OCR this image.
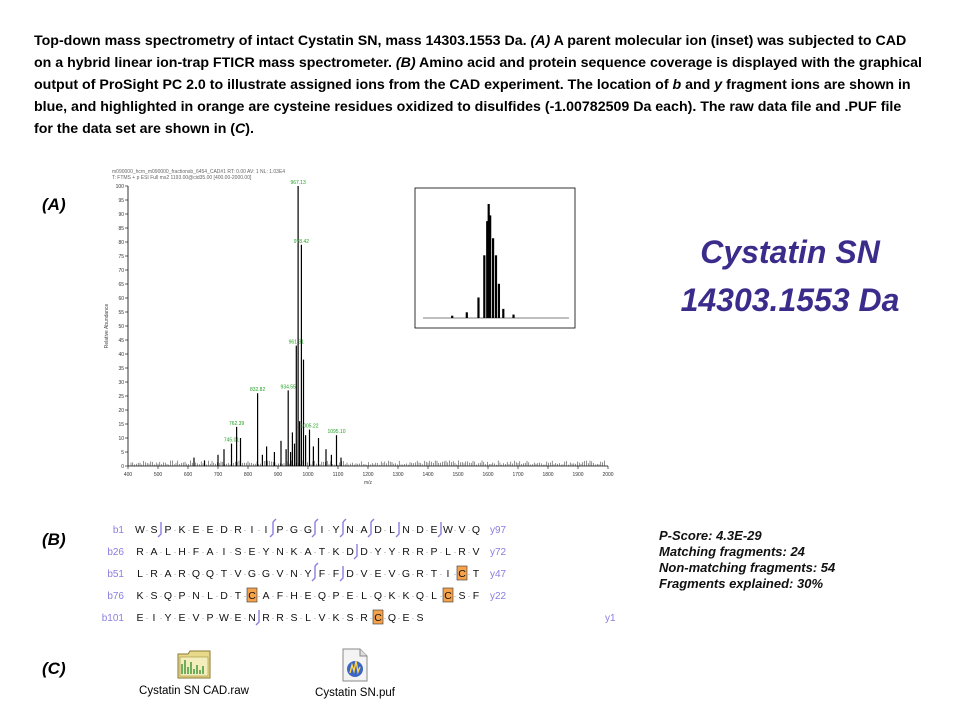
Top-down mass spectrometry of intact Cystatin SN, mass 14303.1553 Da. (A) A parent molecular ion (inset) was subjected to CAD on a hybrid linear ion-trap FTICR mass spectrometer. (B) Amino acid and protein sequence coverage is displayed with the graphical output of ProSight PC 2.0 to illustrate assigned ions from the CAD experiment. The location of b and y fragment ions are shown in blue, and highlighted in orange are cysteine residues oxidized to disulfides (-1.00782509 Da each). The raw data file and .PUF file for the data set are shown in (C).
(A)
(B)
(C)
Cystatin SN
14303.1553 Da
m090000_hcm_m090000_fractionsb_6454_CAD#1 RT: 0.00 AV: 1 NL: 1.03E4
T: FTMS + p ESI Full ms2 1193.00@cid35.00 [400.00-2000.00]
0
5
10
15
20
25
30
35
40
45
50
55
60
65
70
75
80
85
90
95
100
400	500	600	700	800	900	1000	1100	1200	1300	1400	1500	1600	1700	1800	1900	2000
Relative Abundance
m/z
967.13
978.42
961.31
934.55
832.82
762.39
745.01
1005.22
1095.10
b1 W · S · P · K · E · E · D · R · I · I · P · G · G · I · Y · N · A · D · L · N · D · E · W · V · Q y97
b26 R · A · L · H · F · A · I · S · E · Y · N · K · A · T · K · D · D · Y · Y · R · R · P · L · R · V y72
b51 L · R · A · R · Q · Q · T · V · G · G · V · N · Y · F · F · D · V · E · V · G · R · T · I · C · T y47
b76 K · S · Q · P · N · L · D · T · C · A · F · H · E · Q · P · E · L · Q · K · K · Q · L · C · S · F y22
b101 E · I · Y · E · V · P · W · E · N · R · R · S · L · V · K · S · R · C · Q · E · S	y1
P-Score: 4.3E-29
Matching fragments: 24
Non-matching fragments: 54
Fragments explained: 30%
Cystatin SN CAD.raw	Cystatin SN.puf
